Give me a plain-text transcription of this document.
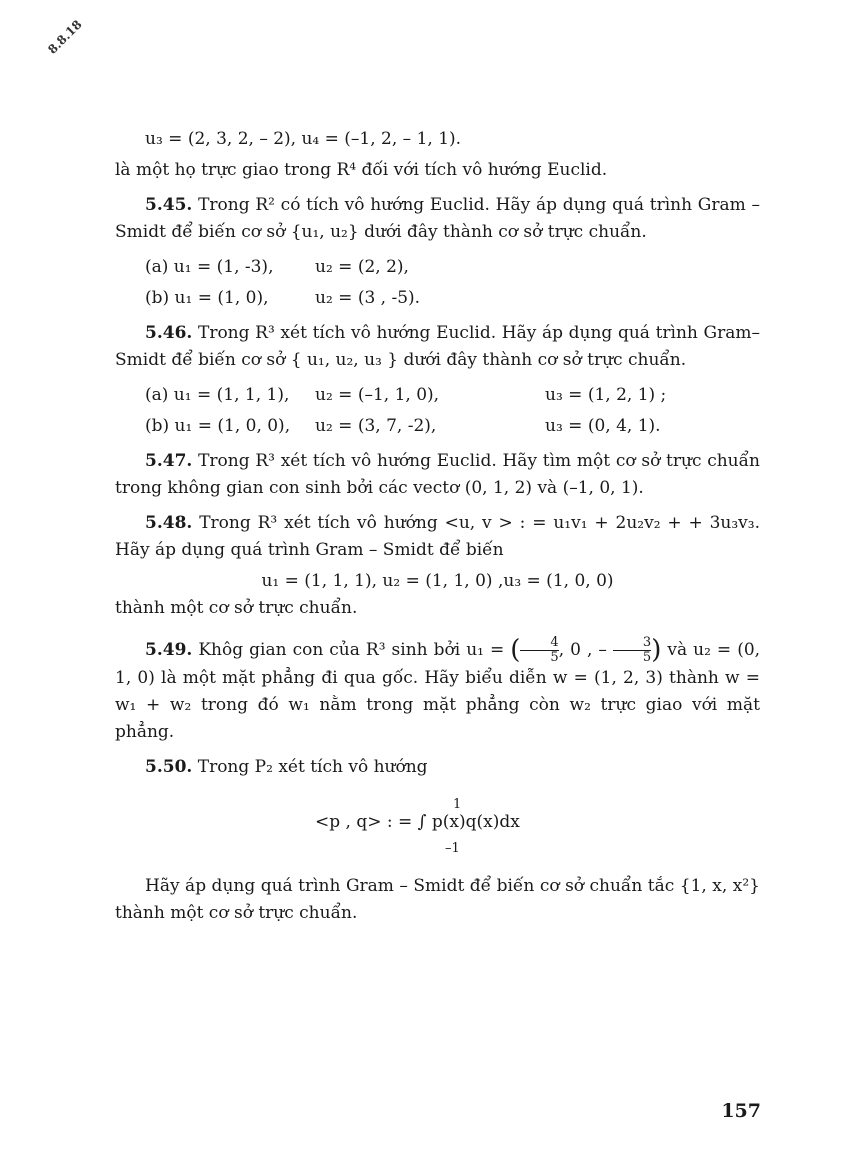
8.8.18

u₃ = (2, 3, 2, – 2), u₄ = (–1, 2, – 1, 1).

là một họ trực giao trong R⁴ đối với tích vô hướng Euclid.

5.45. Trong R² có tích vô hướng Euclid. Hãy áp dụng quá trình Gram – Smidt để biến cơ sở {u₁, u₂} dưới đây thành cơ sở trực chuẩn.

(a) u₁ = (1, -3),	u₂ = (2, 2),
(b) u₁ = (1, 0),	u₂ = (3 , -5).

5.46. Trong R³ xét tích vô hướng Euclid. Hãy áp dụng quá trình Gram–Smidt để biến cơ sở { u₁, u₂, u₃ } dưới đây thành cơ sở trực chuẩn.

(a) u₁ = (1, 1, 1),	u₂ = (–1, 1, 0),	u₃ = (1, 2, 1) ;
(b) u₁ = (1, 0, 0),	u₂ = (3, 7, -2),	u₃ = (0, 4, 1).

5.47. Trong R³ xét tích vô hướng Euclid. Hãy tìm một cơ sở trực chuẩn trong không gian con sinh bởi các vectơ (0, 1, 2) và (–1, 0, 1).

5.48. Trong R³ xét tích vô hướng <u, v > : = u₁v₁ + 2u₂v₂ + + 3u₃v₃. Hãy áp dụng quá trình Gram – Smidt để biến

u₁ = (1, 1, 1), u₂ = (1, 1, 0) ,u₃ = (1, 0, 0)

thành một cơ sở trực chuẩn.

5.49. Khôg gian con của R³ sinh bởi u₁ = ( $\frac{4}{5}$ , 0 , – $\frac{3}{5}$ ) và u₂ = (0, 1, 0) là một mặt phẳng đi qua gốc. Hãy biểu diễn w = (1, 2, 3) thành w = w₁ + w₂ trong đó w₁ nằm trong mặt phẳng còn w₂ trực giao với mặt phẳng.

5.50. Trong P₂ xét tích vô hướng

1
<p , q> : = ∫ p(x)q(x)dx
–1

Hãy áp dụng quá trình Gram – Smidt để biến cơ sở chuẩn tắc {1, x, x²} thành một cơ sở trực chuẩn.

157
